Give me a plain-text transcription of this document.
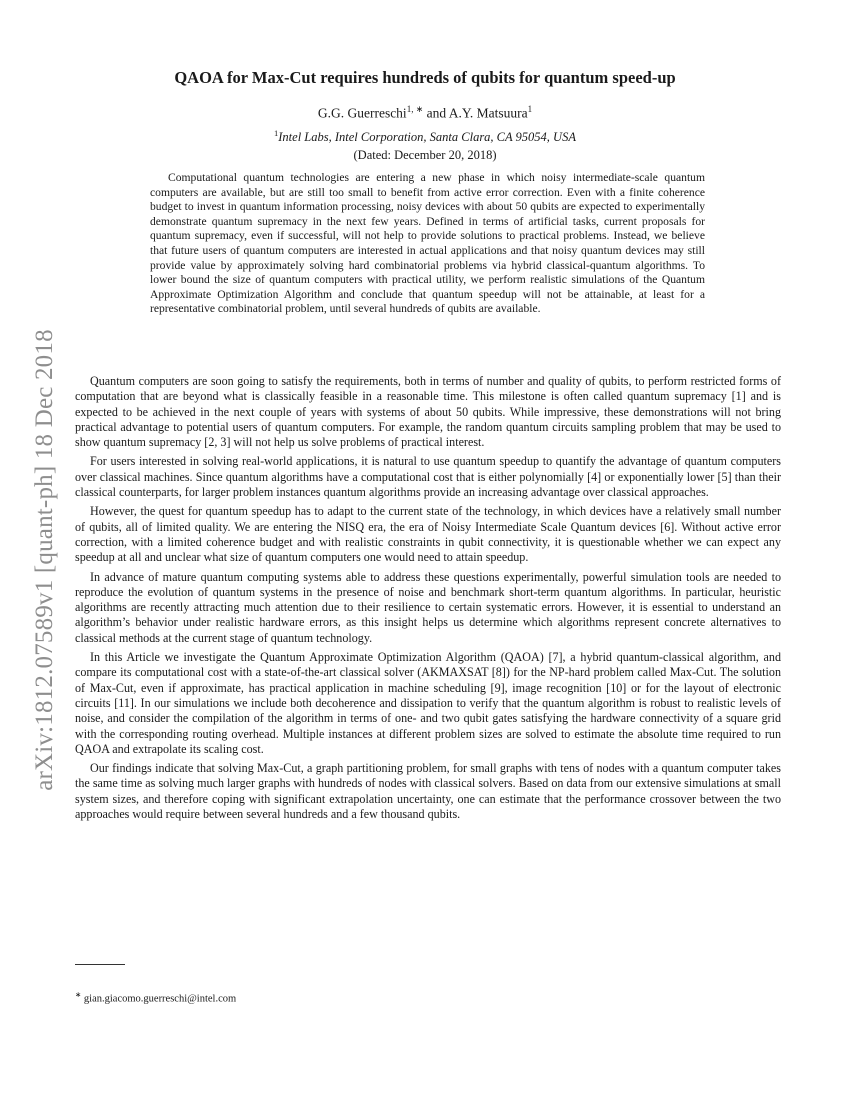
arXiv:1812.07589v1 [quant-ph] 18 Dec 2018
QAOA for Max-Cut requires hundreds of qubits for quantum speed-up
G.G. Guerreschi$^{1, ∗}$ and A.Y. Matsuura$^1$
$^1$Intel Labs, Intel Corporation, Santa Clara, CA 95054, USA
(Dated: December 20, 2018)

Computational quantum technologies are entering a new phase in which noisy intermediate-scale quantum computers are available, but are still too small to benefit from active error correction. Even with a finite coherence budget to invest in quantum information processing, noisy devices with about 50 qubits are expected to experimentally demonstrate quantum supremacy in the next few years. Defined in terms of artificial tasks, current proposals for quantum supremacy, even if successful, will not help to provide solutions to practical problems. Instead, we believe that future users of quantum computers are interested in actual applications and that noisy quantum devices may still provide value by approximately solving hard combinatorial problems via hybrid classical-quantum algorithms. To lower bound the size of quantum computers with practical utility, we perform realistic simulations of the Quantum Approximate Optimization Algorithm and conclude that quantum speedup will not be attainable, at least for a representative combinatorial problem, until several hundreds of qubits are available.

Quantum computers are soon going to satisfy the requirements, both in terms of number and quality of qubits, to perform restricted forms of computation that are beyond what is classically feasible in a reasonable time. This milestone is often called quantum supremacy [1] and is expected to be achieved in the next couple of years with systems of about 50 qubits. While impressive, these demonstrations will not bring practical advantage to potential users of quantum computers. For example, the random quantum circuits sampling problem that may be used to show quantum supremacy [2, 3] will not help us solve problems of practical interest.

For users interested in solving real-world applications, it is natural to use quantum speedup to quantify the advantage of quantum computers over classical machines. Since quantum algorithms have a computational cost that is either polynomially [4] or exponentially lower [5] than their classical counterparts, for larger problem instances quantum algorithms provide an increasing advantage over classical approaches.

However, the quest for quantum speedup has to adapt to the current state of the technology, in which devices have a relatively small number of qubits, all of limited quality. We are entering the NISQ era, the era of Noisy Intermediate Scale Quantum devices [6]. Without active error correction, with a limited coherence budget and with realistic constraints in qubit connectivity, it is questionable whether we can expect any speedup at all and unclear what size of quantum computers one would need to attain speedup.

In advance of mature quantum computing systems able to address these questions experimentally, powerful simulation tools are needed to reproduce the evolution of quantum systems in the presence of noise and benchmark short-term quantum algorithms. In particular, heuristic algorithms are recently attracting much attention due to their resilience to certain systematic errors. However, it is essential to understand an algorithm’s behavior under realistic hardware errors, as this insight helps us determine which algorithms represent concrete alternatives to classical methods at the current stage of quantum technology.

In this Article we investigate the Quantum Approximate Optimization Algorithm (QAOA) [7], a hybrid quantum-classical algorithm, and compare its computational cost with a state-of-the-art classical solver (AKMAXSAT [8]) for the NP-hard problem called Max-Cut. The solution of Max-Cut, even if approximate, has practical application in machine scheduling [9], image recognition [10] or for the layout of electronic circuits [11]. In our simulations we include both decoherence and dissipation to verify that the quantum algorithm is robust to realistic levels of noise, and consider the compilation of the algorithm in terms of one- and two qubit gates satisfying the hardware connectivity of a square grid with the corresponding routing overhead. Multiple instances at different problem sizes are solved to estimate the absolute time required to run QAOA and extrapolate its scaling cost.

Our findings indicate that solving Max-Cut, a graph partitioning problem, for small graphs with tens of nodes with a quantum computer takes the same time as solving much larger graphs with hundreds of nodes with classical solvers. Based on data from our extensive simulations at small system sizes, and therefore coping with significant extrapolation uncertainty, one can estimate that the performance crossover between the two approaches would require between several hundreds and a few thousand qubits.

∗ gian.giacomo.guerreschi@intel.com
